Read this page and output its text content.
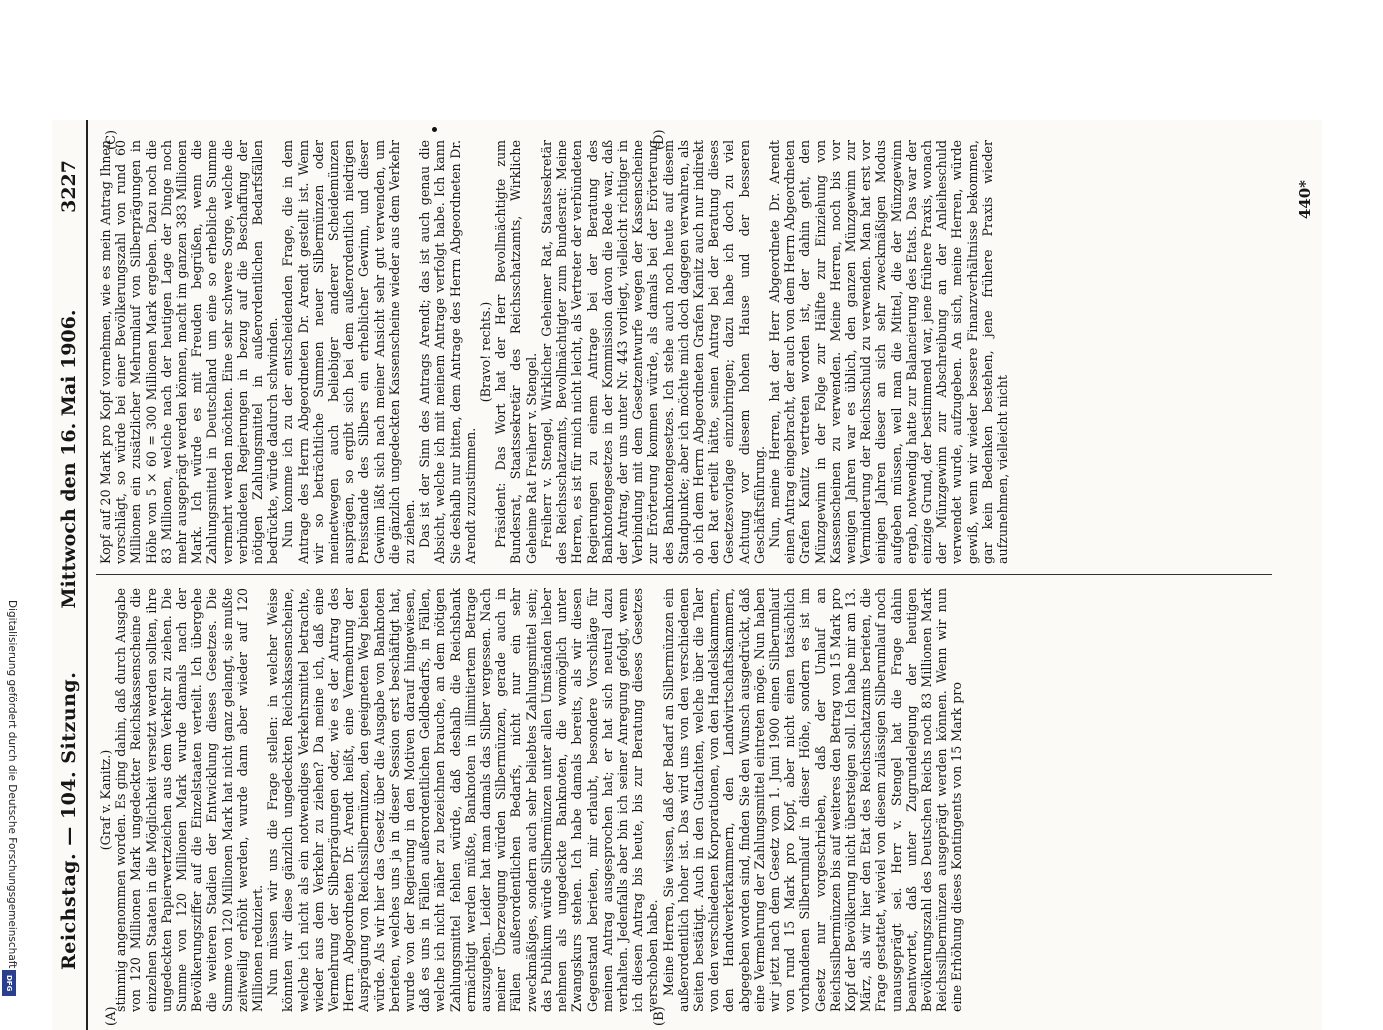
Reichstag. — 104. Sitzung.
Mittwoch den 16. Mai 1906. 3227
(A)	(B)
(C)	(D)

(Graf v. Kanitz.) stimmig angenommen worden. Es ging dahin, daß durch Ausgabe von 120 Millionen Mark ungedeckter Reichskassenscheine die einzelnen Staaten in die Möglichkeit versetzt werden sollten, ihre ungedeckten Papierwertzeichen aus dem Verkehr zu ziehen. Die Summe von 120 Millionen Mark wurde damals nach der Bevölkerungsziffer auf die Einzelstaaten verteilt. Ich übergehe die weiteren Stadien der Entwicklung dieses Gesetzes. Die Summe von 120 Millionen Mark hat nicht ganz gelangt, sie mußte zeitweilig erhöht werden, wurde dann aber wieder auf 120 Millionen reduziert. Nun müssen wir uns die Frage stellen: in welcher Weise könnten wir diese gänzlich ungedeckten Reichskassenscheine, welche ich nicht als ein notwendiges Verkehrsmittel betrachte, wieder aus dem Verkehr zu ziehen? Da meine ich, daß eine Vermehrung der Silberprägungen oder, wie es der Antrag des Herrn Abgeordneten Dr. Arendt heißt, eine Vermehrung der Ausprägung von Reichssilbermünzen, den geeigneten Weg bieten würde. Als wir hier das Gesetz über die Ausgabe von Banknoten berieten, welches uns ja in dieser Session erst beschäftigt hat, wurde von der Regierung in den Motiven darauf hingewiesen, daß es uns in Fällen außerordentlichen Geldbedarfs, in Fällen, welche ich nicht näher zu bezeichnen brauche, an dem nötigen Zahlungsmittel fehlen würde, daß deshalb die Reichsbank ermächtigt werden müßte, Banknoten in illimitiertem Betrage auszugeben. Leider hat man damals das Silber vergessen. Nach meiner Überzeugung würden Silbermünzen, gerade auch in Fällen außerordentlichen Bedarfs, nicht nur ein sehr zweckmäßiges, sondern auch sehr beliebtes Zahlungsmittel sein; das Publikum würde Silbermünzen unter allen Umständen lieber nehmen als ungedeckte Banknoten, die womöglich unter Zwangskurs stehen. Ich habe damals bereits, als wir diesen Gegenstand berieten, mir erlaubt, besondere Vorschläge für meinen Antrag ausgesprochen hat; er hat sich neutral dazu verhalten. Jedenfalls aber bin ich seiner Anregung gefolgt, wenn ich diesen Antrag bis heute, bis zur Beratung dieses Gesetzes verschoben habe. Meine Herren, Sie wissen, daß der Bedarf an Silbermünzen ein außerordentlich hoher ist. Das wird uns von den verschiedenen Seiten bestätigt. Auch in den Gutachten, welche über die Taler von den verschiedenen Korporationen, von den Handelskammern, den Handwerkerkammern, den Landwirtschaftskammern, abgegeben worden sind, finden Sie den Wunsch ausgedrückt, daß eine Vermehrung der Zahlungsmittel eintreten möge. Nun haben wir jetzt nach dem Gesetz vom 1. Juni 1900 einen Silberumlauf von rund 15 Mark pro Kopf, aber nicht einen tatsächlich vorhandenen Silberumlauf in dieser Höhe, sondern es ist im Gesetz nur vorgeschrieben, daß der Umlauf an Reichssilbermünzen bis auf weiteres den Betrag von 15 Mark pro Kopf der Bevölkerung nicht übersteigen soll. Ich habe mir am 13. März, als wir hier den Etat des Reichsschatzamts berieten, die Frage gestattet, wieviel von diesem zulässigen Silberumlauf noch unausgeprägt sei. Herr v. Stengel hat die Frage dahin beantwortet, daß unter Zugrundelegung der heutigen Bevölkerungszahl des Deutschen Reichs noch 83 Millionen Mark Reichssilbermünzen ausgeprägt werden können. Wenn wir nun eine Erhöhung dieses Kontingents von 15 Mark pro

Kopf auf 20 Mark pro Kopf vornehmen, wie es mein Antrag Ihnen vorschlägt, so würde bei einer Bevölkerungszahl von rund 60 Millionen ein zusätzlicher Mehrumlauf von Silberprägungen in Höhe von 5 × 60 = 300 Millionen Mark ergeben. Dazu noch die 83 Millionen, welche nach der heutigen Lage der Dinge noch mehr ausgeprägt werden können, macht im ganzen 383 Millionen Mark. Ich würde es mit Freuden begrüßen, wenn die Zahlungsmittel in Deutschland um eine so erhebliche Summe vermehrt werden möchten. Eine sehr schwere Sorge, welche die verbündeten Regierungen in bezug auf die Beschaffung der nötigen Zahlungsmittel in außerordentlichen Bedarfsfällen bedrückte, würde dadurch schwinden. Nun komme ich zu der entscheidenden Frage, die in dem Antrage des Herrn Abgeordneten Dr. Arendt gestellt ist. Wenn wir so beträchtliche Summen neuer Silbermünzen oder meinetwegen auch beliebiger anderer Scheidemünzen ausprägen, so ergibt sich bei dem außerordentlich niedrigen Preisstande des Silbers ein erheblicher Gewinn, und dieser Gewinn läßt sich nach meiner Ansicht sehr gut verwenden, um die gänzlich ungedeckten Kassenscheine wieder aus dem Verkehr zu ziehen. Das ist der Sinn des Antrags Arendt; das ist auch genau die Absicht, welche ich mit meinem Antrage verfolgt habe. Ich kann Sie deshalb nur bitten, dem Antrage des Herrn Abgeordneten Dr. Arendt zuzustimmen.

(Bravo! rechts.) Präsident: Das Wort hat der Herr Bevollmächtigte zum Bundesrat, Staatssekretär des Reichsschatzamts, Wirkliche Geheime Rat Freiherr v. Stengel. Freiherr v. Stengel, Wirklicher Geheimer Rat, Staatssekretär des Reichsschatzamts, Bevollmächtigter zum Bundesrat: Meine Herren, es ist für mich nicht leicht, als Vertreter der verbündeten Regierungen zu einem Antrage bei der Beratung des Banknotengesetzes in der Kommission davon die Rede war, daß der Antrag, der uns unter Nr. 443 vorliegt, vielleicht richtiger in Verbindung mit dem Gesetzentwurfe wegen der Kassenscheine zur Erörterung kommen würde, als damals bei der Erörterung des Banknotengesetzes. Ich stehe auch noch heute auf diesem Standpunkte; aber ich möchte mich doch dagegen verwahren, als ob ich dem Herrn Abgeordneten Grafen Kanitz auch nur indirekt den Rat erteilt hätte, seinen Antrag bei der Beratung dieses Gesetzesvorlage einzubringen; dazu habe ich doch zu viel Achtung vor diesem hohen Hause und der besseren Geschäftsführung. Nun, meine Herren, hat der Herr Abgeordnete Dr. Arendt einen Antrag eingebracht, der auch von dem Herrn Abgeordneten Grafen Kanitz vertreten worden ist, der dahin geht, den Münzgewinn in der Folge zur Hälfte zur Einziehung von Kassenscheinen zu verwenden. Meine Herren, noch bis vor wenigen Jahren war es üblich, den ganzen Münzgewinn zur Verminderung der Reichsschuld zu verwenden. Man hat erst vor einigen Jahren dieser an sich sehr zweckmäßigen Modus aufgeben müssen, weil man die Mittel, die der Münzgewinn ergab, notwendig hatte zur Balancierung des Etats. Das war der einzige Grund, der bestimmend war, jene frühere Praxis, wonach der Münzgewinn zur Abschreibung an der Anleiheschuld verwendet wurde, aufzugeben. An sich, meine Herren, würde gewiß, wenn wir wieder bessere Finanzverhältnisse bekommen, gar kein Bedenken bestehen, jene frühere Praxis wieder aufzunehmen, vielleicht nicht

440*
Digitalisierung gefördert durch die Deutsche Forschungsgemeinschaft
DFG
